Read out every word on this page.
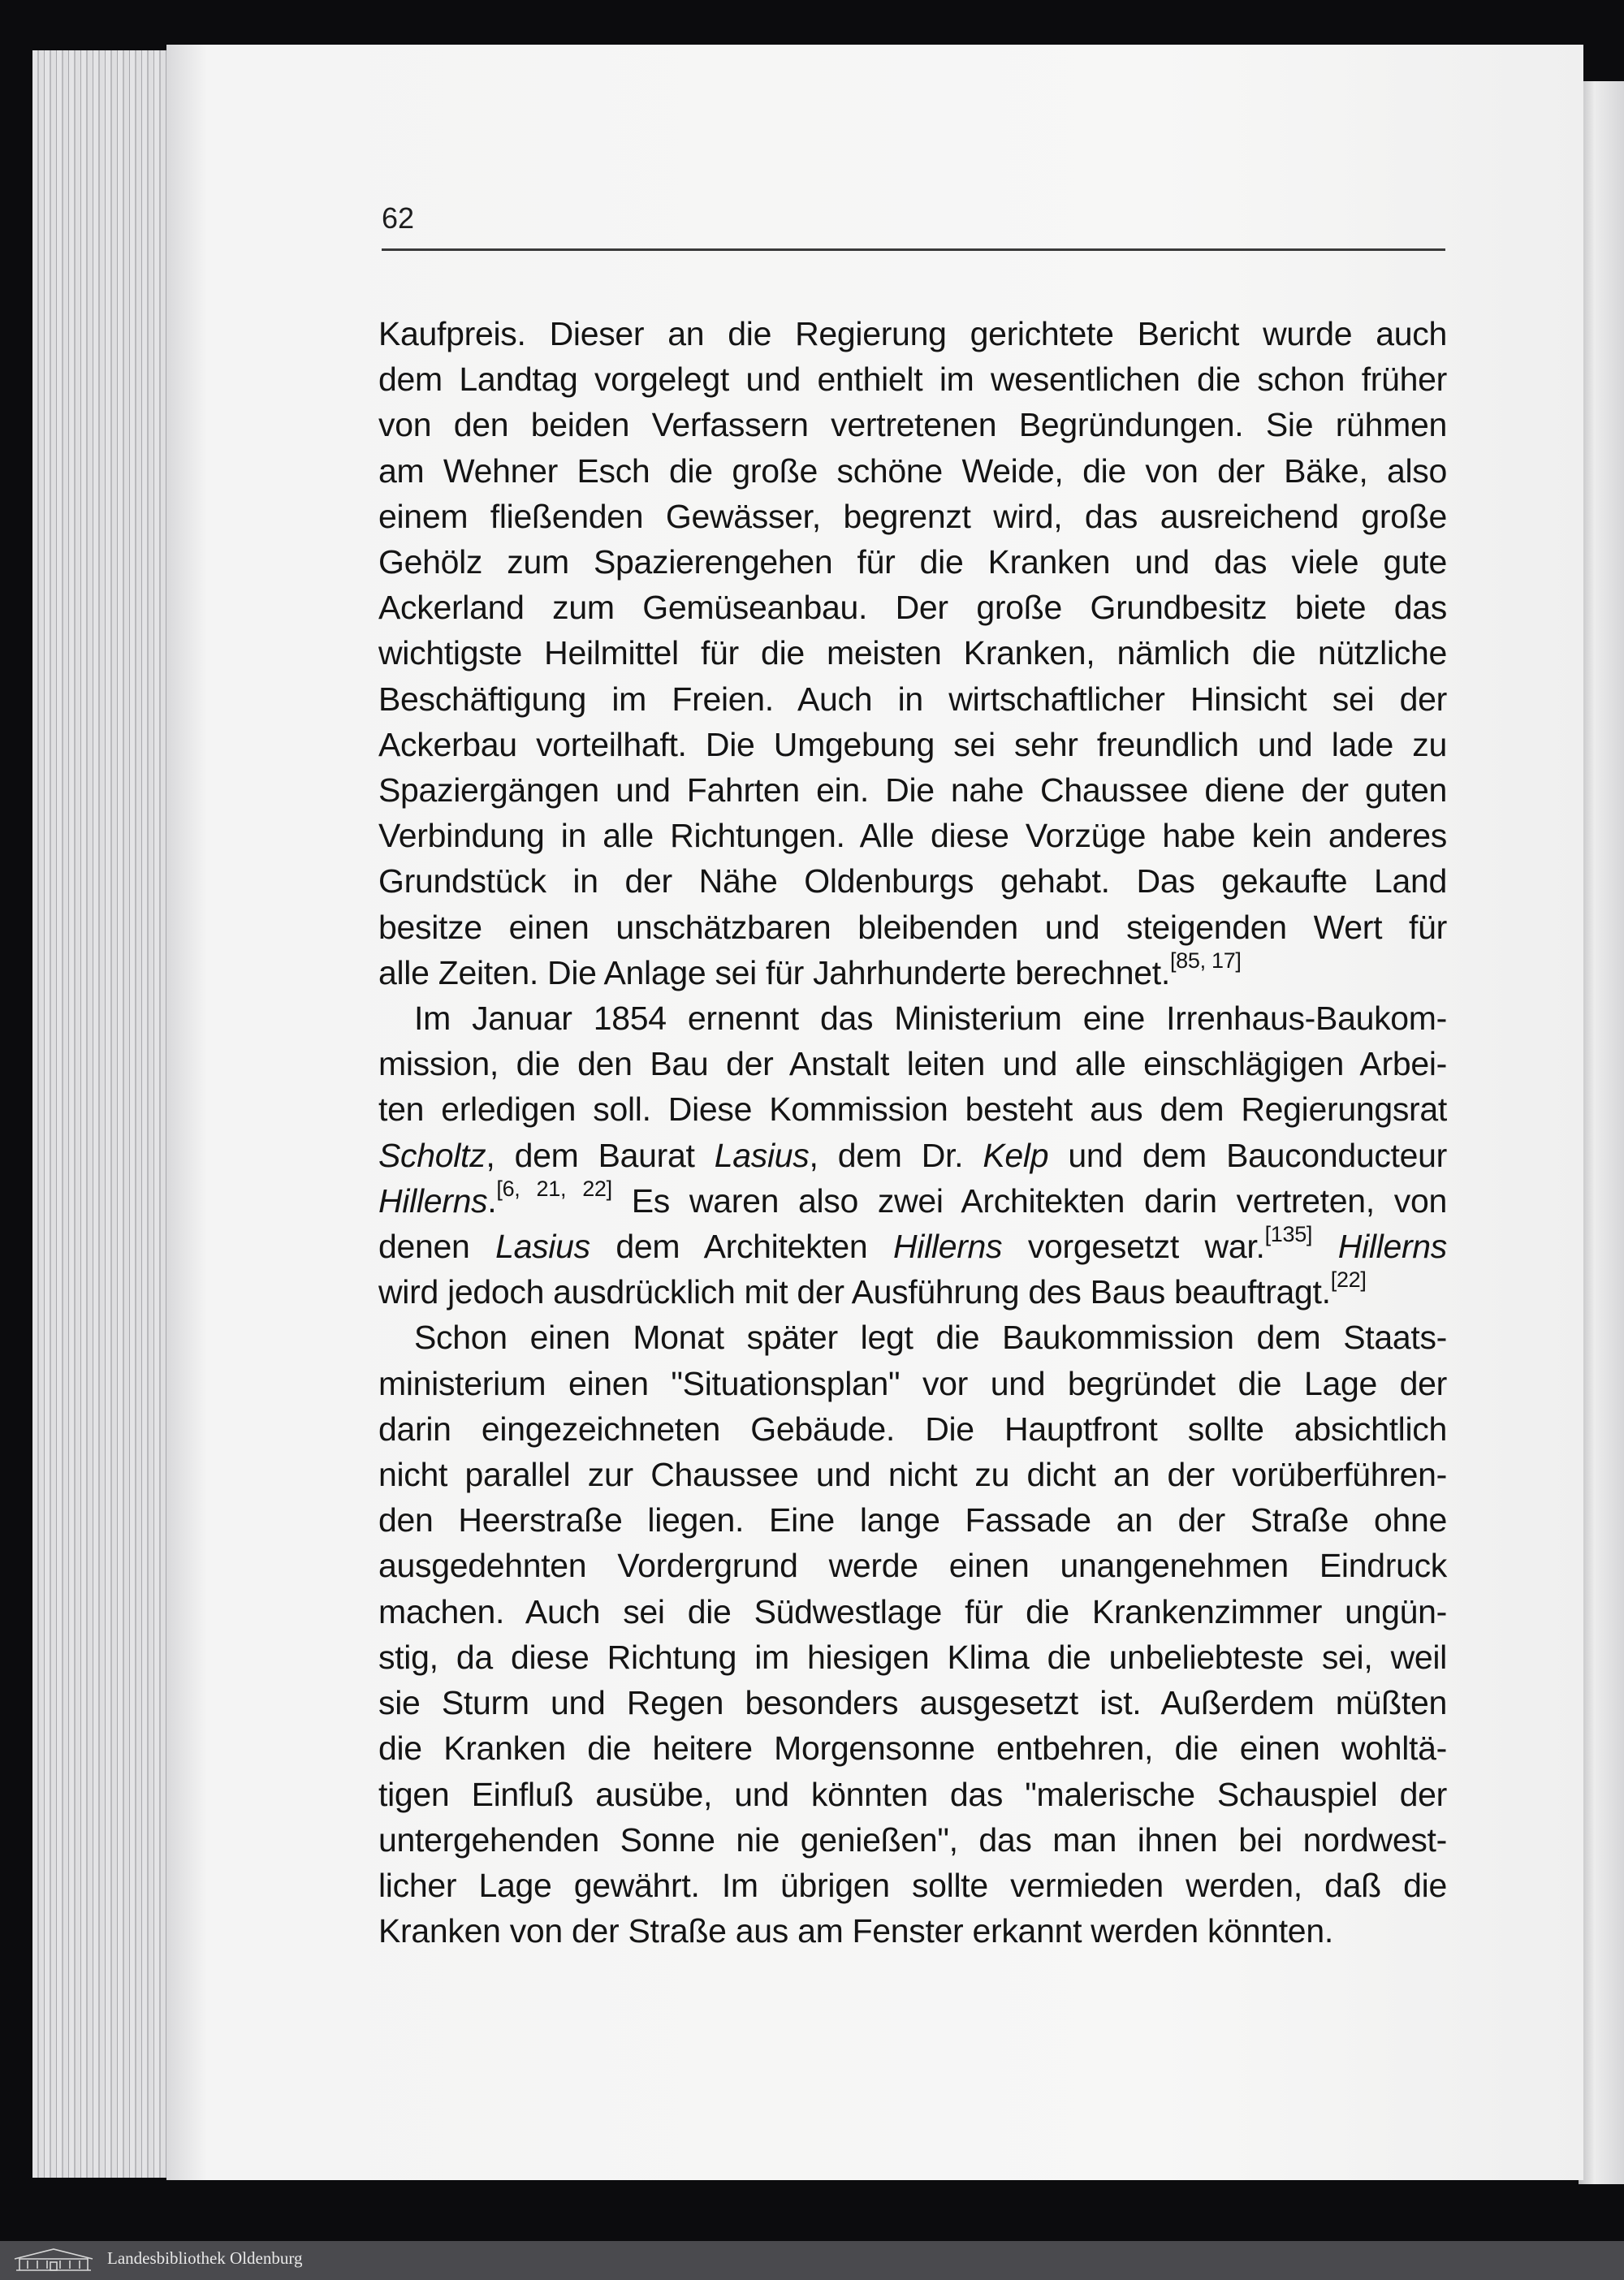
62
Kaufpreis. Dieser an die Regierung gerichtete Bericht wurde auch
dem Landtag vorgelegt und enthielt im wesentlichen die schon früher
von den beiden Verfassern vertretenen Begründungen. Sie rühmen
am Wehner Esch die große schöne Weide, die von der Bäke, also
einem fließenden Gewässer, begrenzt wird, das ausreichend große
Gehölz zum Spazierengehen für die Kranken und das viele gute
Ackerland zum Gemüseanbau. Der große Grundbesitz biete das
wichtigste Heilmittel für die meisten Kranken, nämlich die nützliche
Beschäftigung im Freien. Auch in wirtschaftlicher Hinsicht sei der
Ackerbau vorteilhaft. Die Umgebung sei sehr freundlich und lade zu
Spaziergängen und Fahrten ein. Die nahe Chaussee diene der guten
Verbindung in alle Richtungen. Alle diese Vorzüge habe kein anderes
Grundstück in der Nähe Oldenburgs gehabt. Das gekaufte Land
besitze einen unschätzbaren bleibenden und steigenden Wert für
alle Zeiten. Die Anlage sei für Jahrhunderte berechnet.[85, 17]
Im Januar 1854 ernennt das Ministerium eine Irrenhaus-Baukom-
mission, die den Bau der Anstalt leiten und alle einschlägigen Arbei-
ten erledigen soll. Diese Kommission besteht aus dem Regierungsrat
Scholtz, dem Baurat Lasius, dem Dr. Kelp und dem Bauconducteur
Hillerns.[6, 21, 22] Es waren also zwei Architekten darin vertreten, von
denen Lasius dem Architekten Hillerns vorgesetzt war.[135] Hillerns
wird jedoch ausdrücklich mit der Ausführung des Baus beauftragt.[22]
Schon einen Monat später legt die Baukommission dem Staats-
ministerium einen "Situationsplan" vor und begründet die Lage der
darin eingezeichneten Gebäude. Die Hauptfront sollte absichtlich
nicht parallel zur Chaussee und nicht zu dicht an der vorüberführen-
den Heerstraße liegen. Eine lange Fassade an der Straße ohne
ausgedehnten Vordergrund werde einen unangenehmen Eindruck
machen. Auch sei die Südwestlage für die Krankenzimmer ungün-
stig, da diese Richtung im hiesigen Klima die unbeliebteste sei, weil
sie Sturm und Regen besonders ausgesetzt ist. Außerdem müßten
die Kranken die heitere Morgensonne entbehren, die einen wohltä-
tigen Einfluß ausübe, und könnten das "malerische Schauspiel der
untergehenden Sonne nie genießen", das man ihnen bei nordwest-
licher Lage gewährt. Im übrigen sollte vermieden werden, daß die
Kranken von der Straße aus am Fenster erkannt werden könnten.
Landesbibliothek Oldenburg
